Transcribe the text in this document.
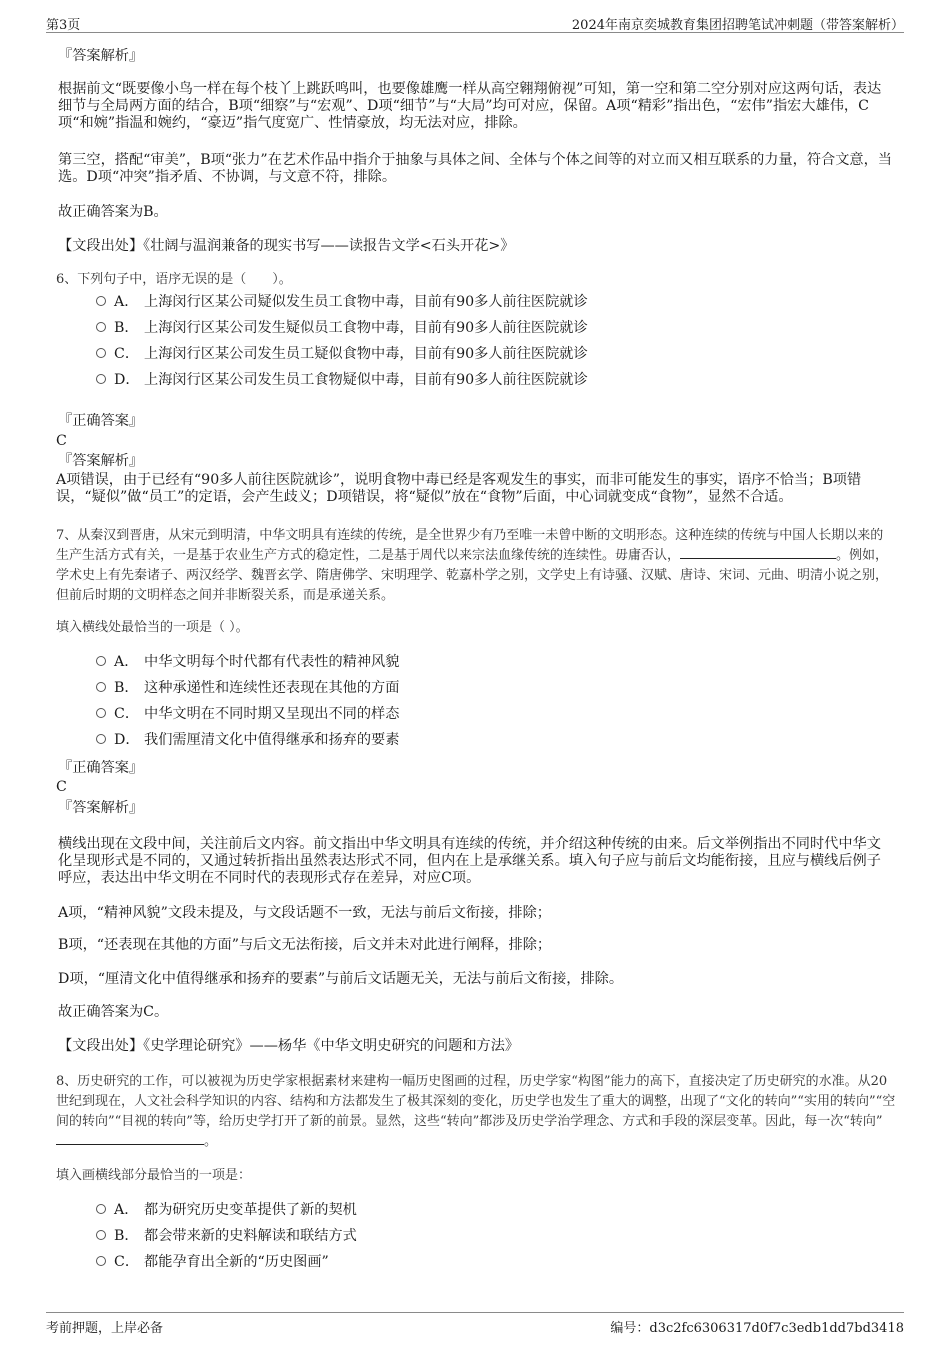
第3页	2024年南京奕城教育集团招聘笔试冲刺题（带答案解析）
『答案解析』

根据前文“既要像小鸟一样在每个枝丫上跳跃鸣叫，也要像雄鹰一样从高空翱翔俯视”可知，第一空和第二空分别对应这两句话，表达细节与全局两方面的结合，B项“细察”与“宏观”、D项“细节”与“大局”均可对应，保留。A项“精彩”指出色，“宏伟”指宏大雄伟，C项“和婉”指温和婉约，“豪迈”指气度宽广、性情豪放，均无法对应，排除。

第三空，搭配“审美”，B项“张力”在艺术作品中指介于抽象与具体之间、全体与个体之间等的对立而又相互联系的力量，符合文意，当选。D项“冲突”指矛盾、不协调，与文意不符，排除。

故正确答案为B。
【文段出处】《壮阔与温润兼备的现实书写——读报告文学<石头开花>》
6、下列句子中，语序无误的是（　　）。
A． 上海闵行区某公司疑似发生员工食物中毒，目前有90多人前往医院就诊
B． 上海闵行区某公司发生疑似员工食物中毒，目前有90多人前往医院就诊
C． 上海闵行区某公司发生员工疑似食物中毒，目前有90多人前往医院就诊
D． 上海闵行区某公司发生员工食物疑似中毒，目前有90多人前往医院就诊
『正确答案』
C
『答案解析』

A项错误，由于已经有“90多人前往医院就诊”，说明食物中毒已经是客观发生的事实，而非可能发生的事实，语序不恰当；B项错误，“疑似”做“员工”的定语，会产生歧义；D项错误，将“疑似”放在“食物”后面，中心词就变成“食物”，显然不合适。

7、从秦汉到晋唐，从宋元到明清，中华文明具有连续的传统，是全世界少有乃至唯一未曾中断的文明形态。这种连续的传统与中国人长期以来的生产生活方式有关，一是基于农业生产方式的稳定性，二是基于周代以来宗法血缘传统的连续性。毋庸否认，	。例如，学术史上有先秦诸子、两汉经学、魏晋玄学、隋唐佛学、宋明理学、乾嘉朴学之别，文学史上有诗骚、汉赋、唐诗、宋词、元曲、明清小说之别，但前后时期的文明样态之间并非断裂关系，而是承递关系。
填入横线处最恰当的一项是（ ）。
A． 中华文明每个时代都有代表性的精神风貌
B． 这种承递性和连续性还表现在其他的方面
C． 中华文明在不同时期又呈现出不同的样态
D． 我们需厘清文化中值得继承和扬弃的要素
『正确答案』
C
『答案解析』

横线出现在文段中间，关注前后文内容。前文指出中华文明具有连续的传统，并介绍这种传统的由来。后文举例指出不同时代中华文化呈现形式是不同的，又通过转折指出虽然表达形式不同，但内在上是承继关系。填入句子应与前后文均能衔接，且应与横线后例子呼应，表达出中华文明在不同时代的表现形式存在差异，对应C项。

A项，“精神风貌”文段未提及，与文段话题不一致，无法与前后文衔接，排除；
B项，“还表现在其他的方面”与后文无法衔接，后文并未对此进行阐释，排除；
D项，“厘清文化中值得继承和扬弃的要素”与前后文话题无关，无法与前后文衔接，排除。
故正确答案为C。
【文段出处】《史学理论研究》——杨华《中华文明史研究的问题和方法》
8、历史研究的工作，可以被视为历史学家根据素材来建构一幅历史图画的过程，历史学家“构图”能力的高下，直接决定了历史研究的水准。从20世纪到现在，人文社会科学知识的内容、结构和方法都发生了极其深刻的变化，历史学也发生了重大的调整，出现了“文化的转向”“实用的转向”“空间的转向”“目视的转向”等，给历史学打开了新的前景。显然，这些“转向”都涉及历史学治学理念、方式和手段的深层变革。因此，每一次“转向”。
填入画横线部分最恰当的一项是：
A． 都为研究历史变革提供了新的契机
B． 都会带来新的史料解读和联结方式
C． 都能孕育出全新的“历史图画”
考前押题，上岸必备	编号：d3c2fc6306317d0f7c3edb1dd7bd3418
